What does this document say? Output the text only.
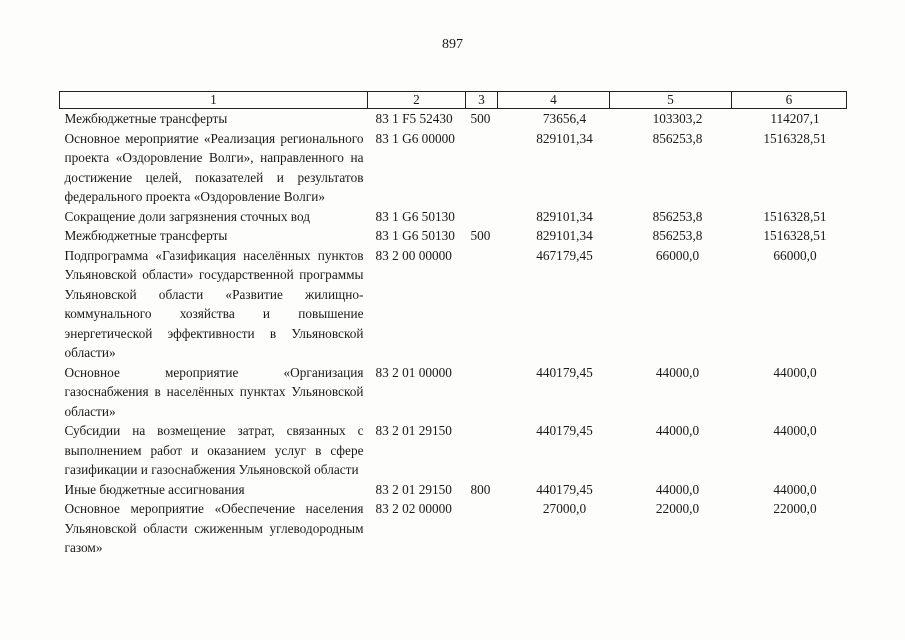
897
1	2	3	4	5	6
Межбюджетные трансферты	83 1 F5 52430	500	73656,4	103303,2	114207,1
Основное мероприятие «Реализация регионального проекта «Оздоровление Волги», направленного на достижение целей, показателей и результатов федерального проекта «Оздоровление Волги»	83 1 G6 00000		829101,34	856253,8	1516328,51
Сокращение доли загрязнения сточных вод	83 1 G6 50130		829101,34	856253,8	1516328,51
Межбюджетные трансферты	83 1 G6 50130	500	829101,34	856253,8	1516328,51
Подпрограмма «Газификация населённых пунктов Ульяновской области» государственной программы Ульяновской области «Развитие жилищно-коммунального хозяйства и повышение энергетической эффективности в Ульяновской области»	83 2 00 00000		467179,45	66000,0	66000,0
Основное мероприятие «Организация газоснабжения в населённых пунктах Ульяновской области»	83 2 01 00000		440179,45	44000,0	44000,0
Субсидии на возмещение затрат, связанных с выполнением работ и оказанием услуг в сфере газификации и газоснабжения Ульяновской области	83 2 01 29150		440179,45	44000,0	44000,0
Иные бюджетные ассигнования	83 2 01 29150	800	440179,45	44000,0	44000,0
Основное мероприятие «Обеспечение населения Ульяновской области сжиженным углеводородным газом»	83 2 02 00000		27000,0	22000,0	22000,0
